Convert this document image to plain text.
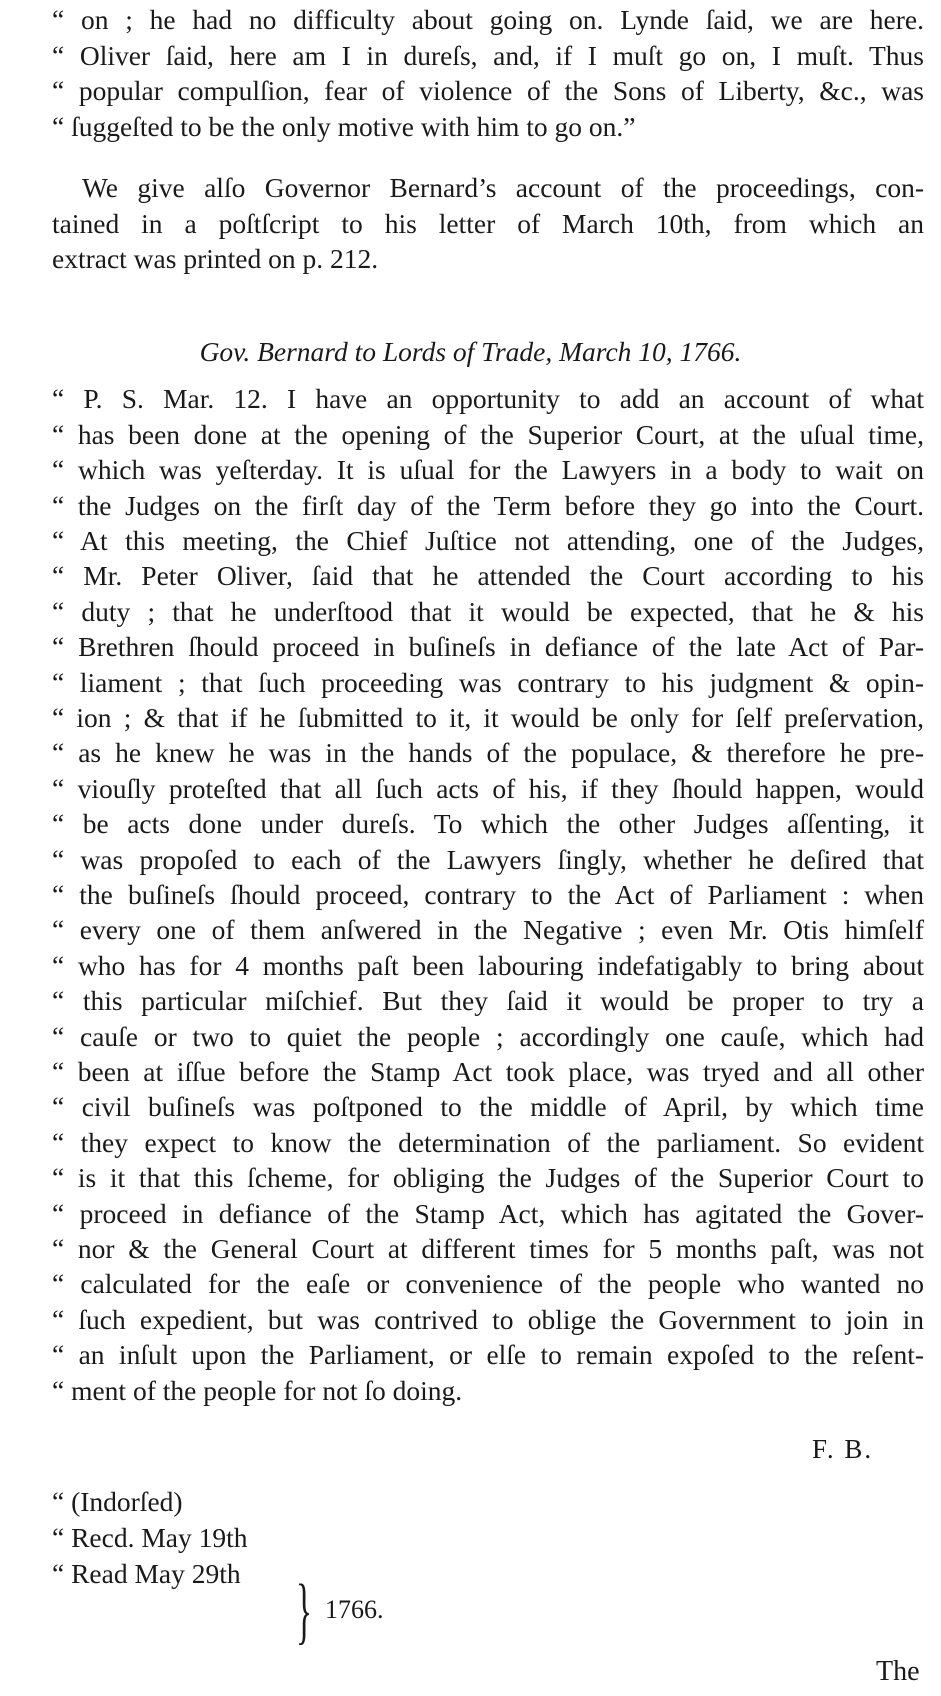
“ on ; he had no difficulty about going on. Lynde ſaid, we are here.
“ Oliver ſaid, here am I in dureſs, and, if I muſt go on, I muſt. Thus
“ popular compulſion, fear of violence of the Sons of Liberty, &c., was
“ ſuggeſted to be the only motive with him to go on.”
We give alſo Governor Bernard’s account of the proceedings, con-
tained in a poſtſcript to his letter of March 10th, from which an
extract was printed on p. 212.
Gov. Bernard to Lords of Trade, March 10, 1766.
“ P. S. Mar. 12. I have an opportunity to add an account of what
“ has been done at the opening of the Superior Court, at the uſual time,
“ which was yeſterday. It is uſual for the Lawyers in a body to wait on
“ the Judges on the firſt day of the Term before they go into the Court.
“ At this meeting, the Chief Juſtice not attending, one of the Judges,
“ Mr. Peter Oliver, ſaid that he attended the Court according to his
“ duty ; that he underſtood that it would be expected, that he & his
“ Brethren ſhould proceed in buſineſs in defiance of the late Act of Par-
“ liament ; that ſuch proceeding was contrary to his judgment & opin-
“ ion ; & that if he ſubmitted to it, it would be only for ſelf preſervation,
“ as he knew he was in the hands of the populace, & therefore he pre-
“ viouſly proteſted that all ſuch acts of his, if they ſhould happen, would
“ be acts done under dureſs. To which the other Judges aſſenting, it
“ was propoſed to each of the Lawyers ſingly, whether he deſired that
“ the buſineſs ſhould proceed, contrary to the Act of Parliament : when
“ every one of them anſwered in the Negative ; even Mr. Otis himſelf
“ who has for 4 months paſt been labouring indefatigably to bring about
“ this particular miſchief. But they ſaid it would be proper to try a
“ cauſe or two to quiet the people ; accordingly one cauſe, which had
“ been at iſſue before the Stamp Act took place, was tryed and all other
“ civil buſineſs was poſtponed to the middle of April, by which time
“ they expect to know the determination of the parliament. So evident
“ is it that this ſcheme, for obliging the Judges of the Superior Court to
“ proceed in defiance of the Stamp Act, which has agitated the Gover-
“ nor & the General Court at different times for 5 months paſt, was not
“ calculated for the eaſe or convenience of the people who wanted no
“ ſuch expedient, but was contrived to oblige the Government to join in
“ an inſult upon the Parliament, or elſe to remain expoſed to the reſent-
“ ment of the people for not ſo doing.
F. B.
“ (Indorſed)
“ Recd. May 19th
“ Read May 29th } 1766.
The
